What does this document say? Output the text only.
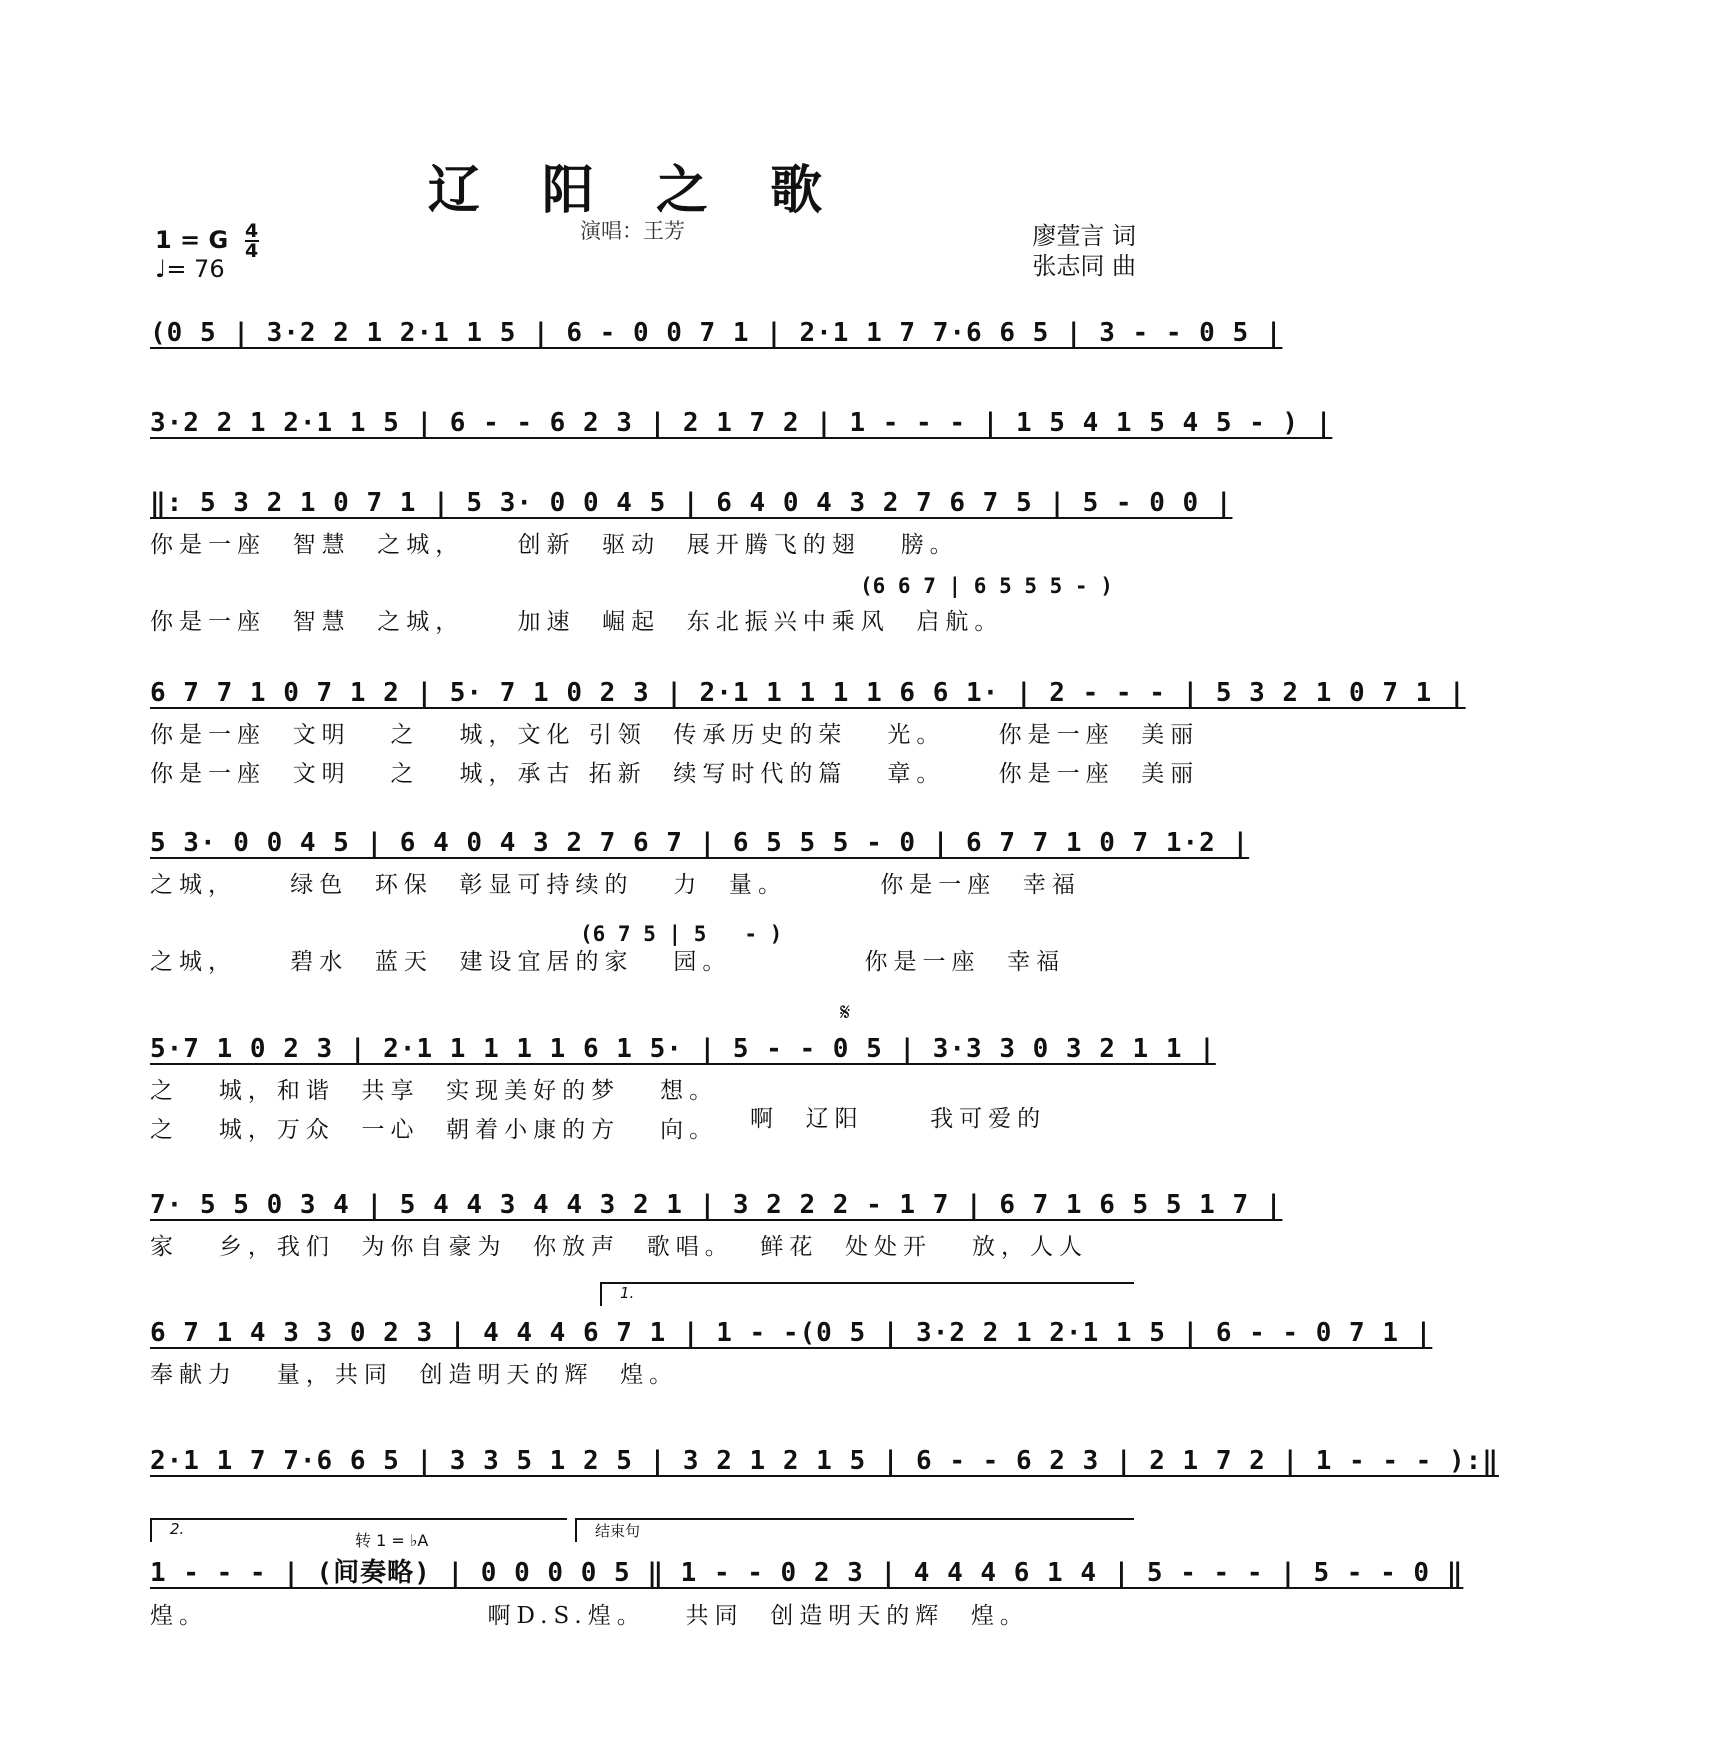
辽 阳 之 歌
1 = G $\frac{4}{4}$
♩= 76
演唱：王芳	廖萱言 词
张志同 曲
(0 5 | 3·2 2 1 2·1 1 5 | 6 - 0 0 7 1 | 2·1 1 7 7·6 6 5 | 3 - - 0 5 |
3·2 2 1 2·1 1 5 | 6 - - 6 2 3 | 2 1 7 2 | 1 - - - | 1 5 4 1 5 4 5 - ) |
‖: 5 3 2 1 0 7 1 | 5 3· 0 0 4 5 | 6 4 0 4 3 2 7 6 7 5 | 5 - 0 0 |
你是一座  智慧  之城，    创新  驱动  展开腾飞的翅   膀。
(6 6 7 | 6 5 5 5 - )
你是一座  智慧  之城，    加速  崛起  东北振兴中乘风  启航。
6 7 7 1 0 7 1 2 | 5· 7 1 0 2 3 | 2·1 1 1 1 1 6 6 1· | 2 - - - | 5 3 2 1 0 7 1 |
你是一座  文明   之   城，文化 引领  传承历史的荣   光。    你是一座  美丽
你是一座  文明   之   城，承古 拓新  续写时代的篇   章。    你是一座  美丽
5 3· 0 0 4 5 | 6 4 0 4 3 2 7 6 7 | 6 5 5 5 - 0 | 6 7 7 1 0 7 1·2 |
之城，    绿色  环保  彰显可持续的   力  量。       你是一座  幸福
(6 7 5 | 5   - )
之城，    碧水  蓝天  建设宜居的家   园。          你是一座  幸福
𝄋
5·7 1 0 2 3 | 2·1 1 1 1 1 6 1 5· | 5 - - 0 5 | 3·3 3 0 3 2 1 1 |
之   城，和谐  共享  实现美好的梦   想。
啊  辽阳     我可爱的
之   城，万众  一心  朝着小康的方   向。
7· 5 5 0 3 4 | 5 4 4 3 4 4 3 2 1 | 3 2 2 2 - 1 7 | 6 7 1 6 5 5 1 7 |
家   乡，我们  为你自豪为  你放声  歌唱。  鲜花  处处开   放，人人
1.
6 7 1 4 3 3 0 2 3 | 4 4 4 6 7 1 | 1 - -(0 5 | 3·2 2 1 2·1 1 5 | 6 - - 0 7 1 |
奉献力   量，共同  创造明天的辉  煌。
2·1 1 7 7·6 6 5 | 3 3 5 1 2 5 | 3 2 1 2 1 5 | 6 - - 6 2 3 | 2 1 7 2 | 1 - - - ):‖
2.
转 1 = ♭A	结束句
1 - - - | (间奏略) | 0 0 0 0 5 ‖ 1 - - 0 2 3 | 4 4 4 6 1 4 | 5 - - - | 5 - - 0 ‖
煌。                     啊D.S.煌。   共同  创造明天的辉  煌。
